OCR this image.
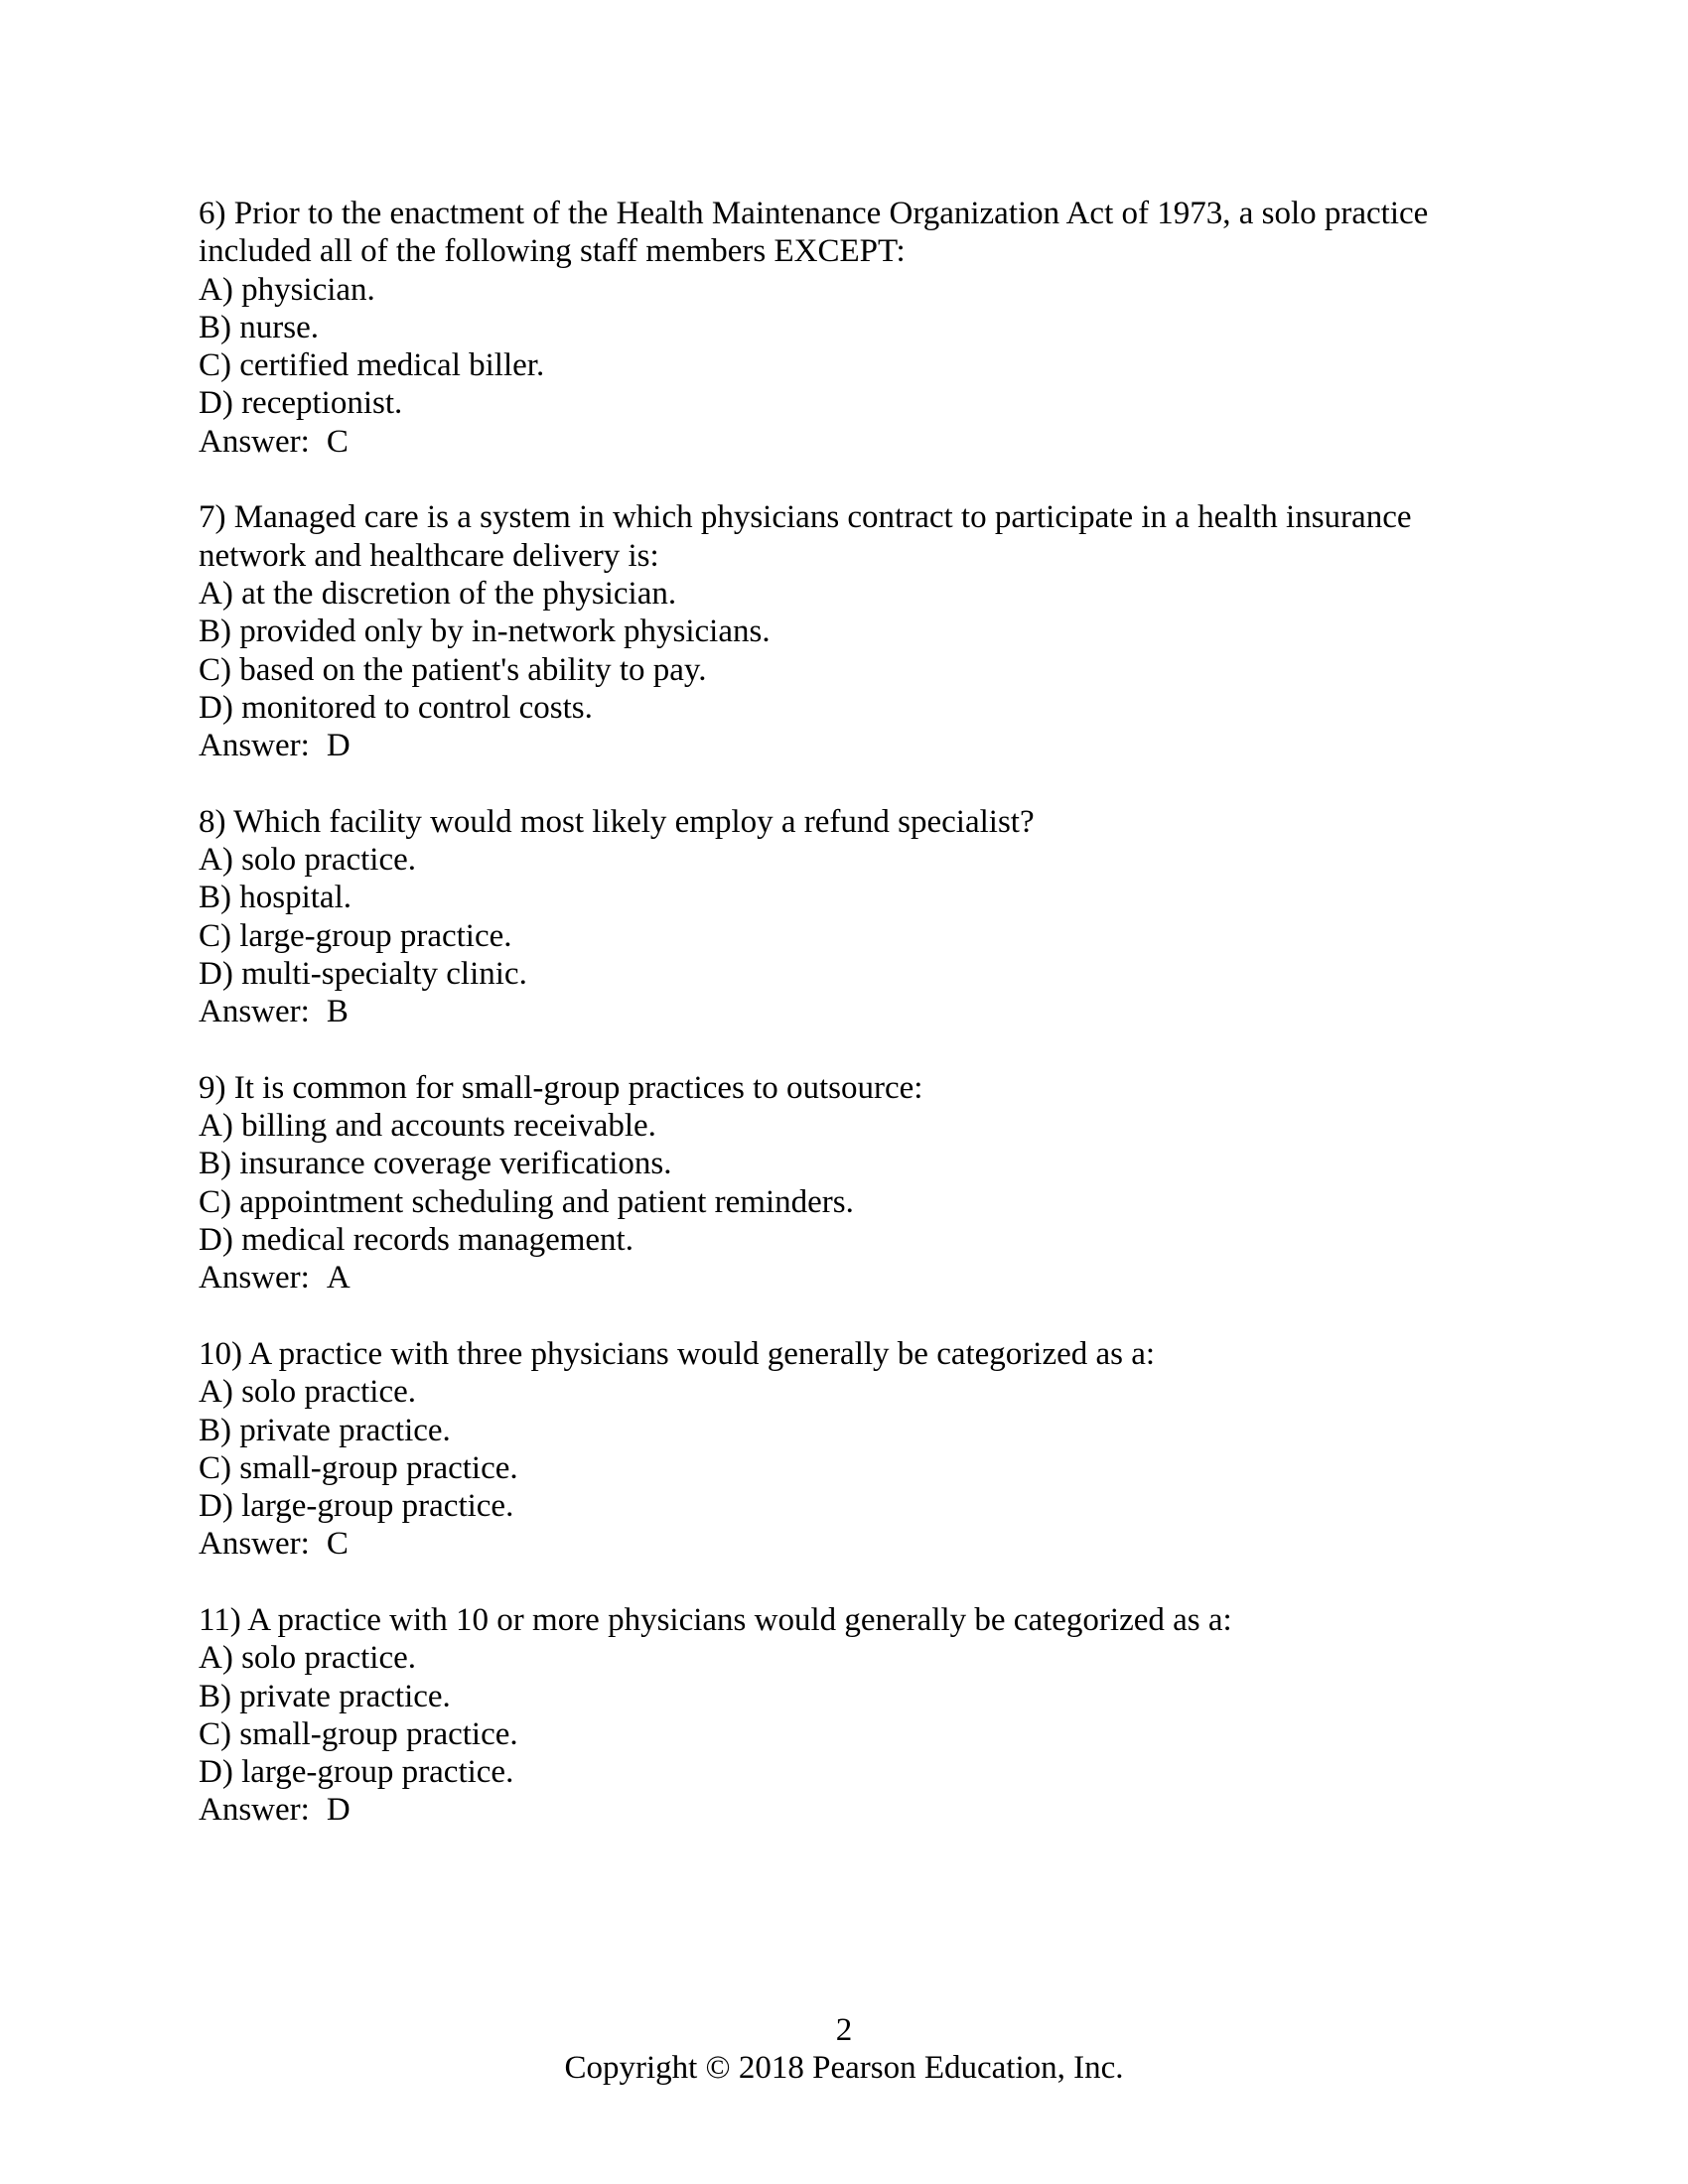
6) Prior to the enactment of the Health Maintenance Organization Act of 1973, a solo practice included all of the following staff members EXCEPT:
A) physician.
B) nurse.
C) certified medical biller.
D) receptionist.
Answer: C
7) Managed care is a system in which physicians contract to participate in a health insurance network and healthcare delivery is:
A) at the discretion of the physician.
B) provided only by in-network physicians.
C) based on the patient's ability to pay.
D) monitored to control costs.
Answer: D
8) Which facility would most likely employ a refund specialist?
A) solo practice.
B) hospital.
C) large-group practice.
D) multi-specialty clinic.
Answer: B
9) It is common for small-group practices to outsource:
A) billing and accounts receivable.
B) insurance coverage verifications.
C) appointment scheduling and patient reminders.
D) medical records management.
Answer: A
10) A practice with three physicians would generally be categorized as a:
A) solo practice.
B) private practice.
C) small-group practice.
D) large-group practice.
Answer: C
11) A practice with 10 or more physicians would generally be categorized as a:
A) solo practice.
B) private practice.
C) small-group practice.
D) large-group practice.
Answer: D
2
Copyright © 2018 Pearson Education, Inc.
